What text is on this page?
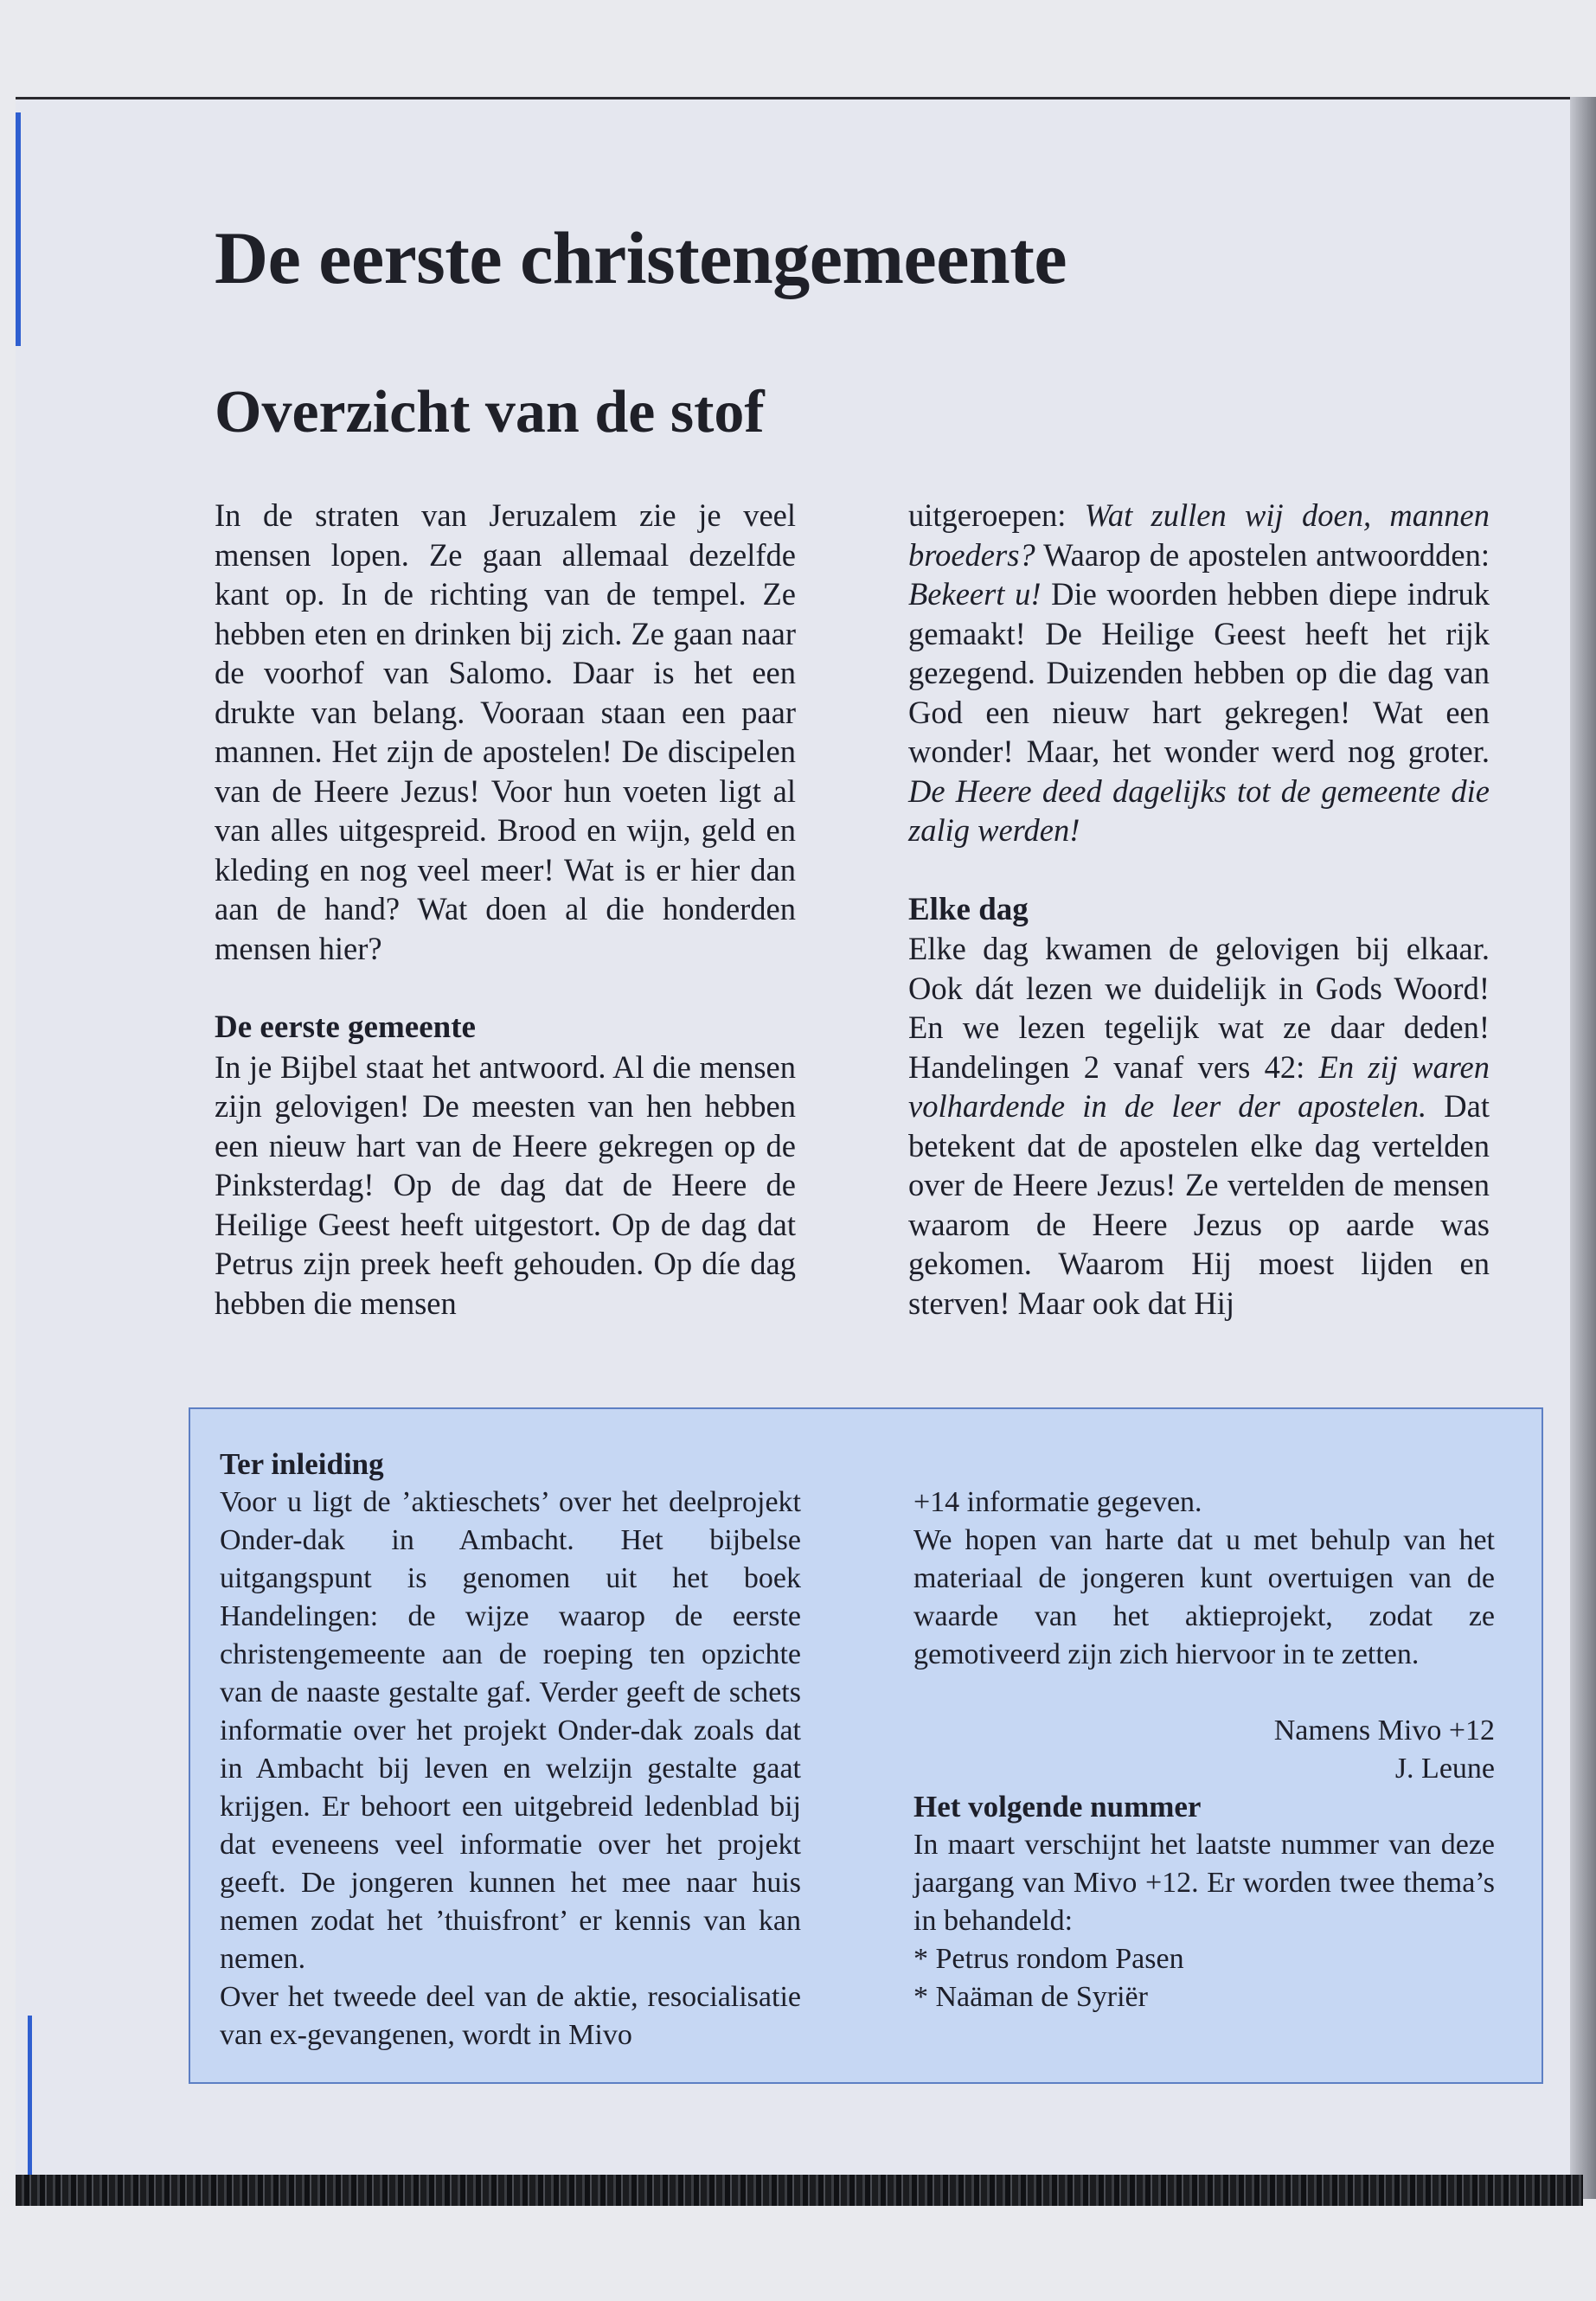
De eerste christengemeente
Overzicht van de stof

In de straten van Jeruzalem zie je veel mensen lopen. Ze gaan allemaal dezelfde kant op. In de richting van de tempel. Ze hebben eten en drinken bij zich. Ze gaan naar de voorhof van Salomo. Daar is het een drukte van belang. Vooraan staan een paar mannen. Het zijn de apostelen! De discipelen van de Heere Jezus! Voor hun voeten ligt al van alles uitgespreid. Brood en wijn, geld en kleding en nog veel meer! Wat is er hier dan aan de hand? Wat doen al die honderden mensen hier?

De eerste gemeente

In je Bijbel staat het antwoord. Al die mensen zijn gelovigen! De meesten van hen hebben een nieuw hart van de Heere gekregen op de Pinksterdag! Op de dag dat de Heere de Heilige Geest heeft uitgestort. Op de dag dat Petrus zijn preek heeft gehouden. Op díe dag hebben die mensen

uitgeroepen: Wat zullen wij doen, mannen broeders? Waarop de apostelen antwoordden: Bekeert u! Die woorden hebben diepe indruk gemaakt! De Heilige Geest heeft het rijk gezegend. Duizenden hebben op die dag van God een nieuw hart gekregen! Wat een wonder! Maar, het wonder werd nog groter. De Heere deed dagelijks tot de gemeente die zalig werden!

Elke dag

Elke dag kwamen de gelovigen bij elkaar. Ook dát lezen we duidelijk in Gods Woord! En we lezen tegelijk wat ze daar deden! Handelingen 2 vanaf vers 42: En zij waren volhardende in de leer der apostelen. Dat betekent dat de apostelen elke dag vertelden over de Heere Jezus! Ze vertelden de mensen waarom de Heere Jezus op aarde was gekomen. Waarom Hij moest lijden en sterven! Maar ook dat Hij

Ter inleiding

Voor u ligt de ’aktieschets’ over het deelprojekt Onder-dak in Ambacht. Het bijbelse uitgangspunt is genomen uit het boek Handelingen: de wijze waarop de eerste christengemeente aan de roeping ten opzichte van de naaste gestalte gaf. Verder geeft de schets informatie over het projekt Onder-dak zoals dat in Ambacht bij leven en welzijn gestalte gaat krijgen. Er behoort een uitgebreid ledenblad bij dat eveneens veel informatie over het projekt geeft. De jongeren kunnen het mee naar huis nemen zodat het ’thuisfront’ er kennis van kan nemen.

Over het tweede deel van de aktie, resocialisatie van ex-gevangenen, wordt in Mivo

+14 informatie gegeven.

We hopen van harte dat u met behulp van het materiaal de jongeren kunt overtuigen van de waarde van het aktieprojekt, zodat ze gemotiveerd zijn zich hiervoor in te zetten.

Namens Mivo +12

J. Leune

Het volgende nummer

In maart verschijnt het laatste nummer van deze jaargang van Mivo +12. Er worden twee thema’s in behandeld:

* Petrus rondom Pasen

* Naäman de Syriër
